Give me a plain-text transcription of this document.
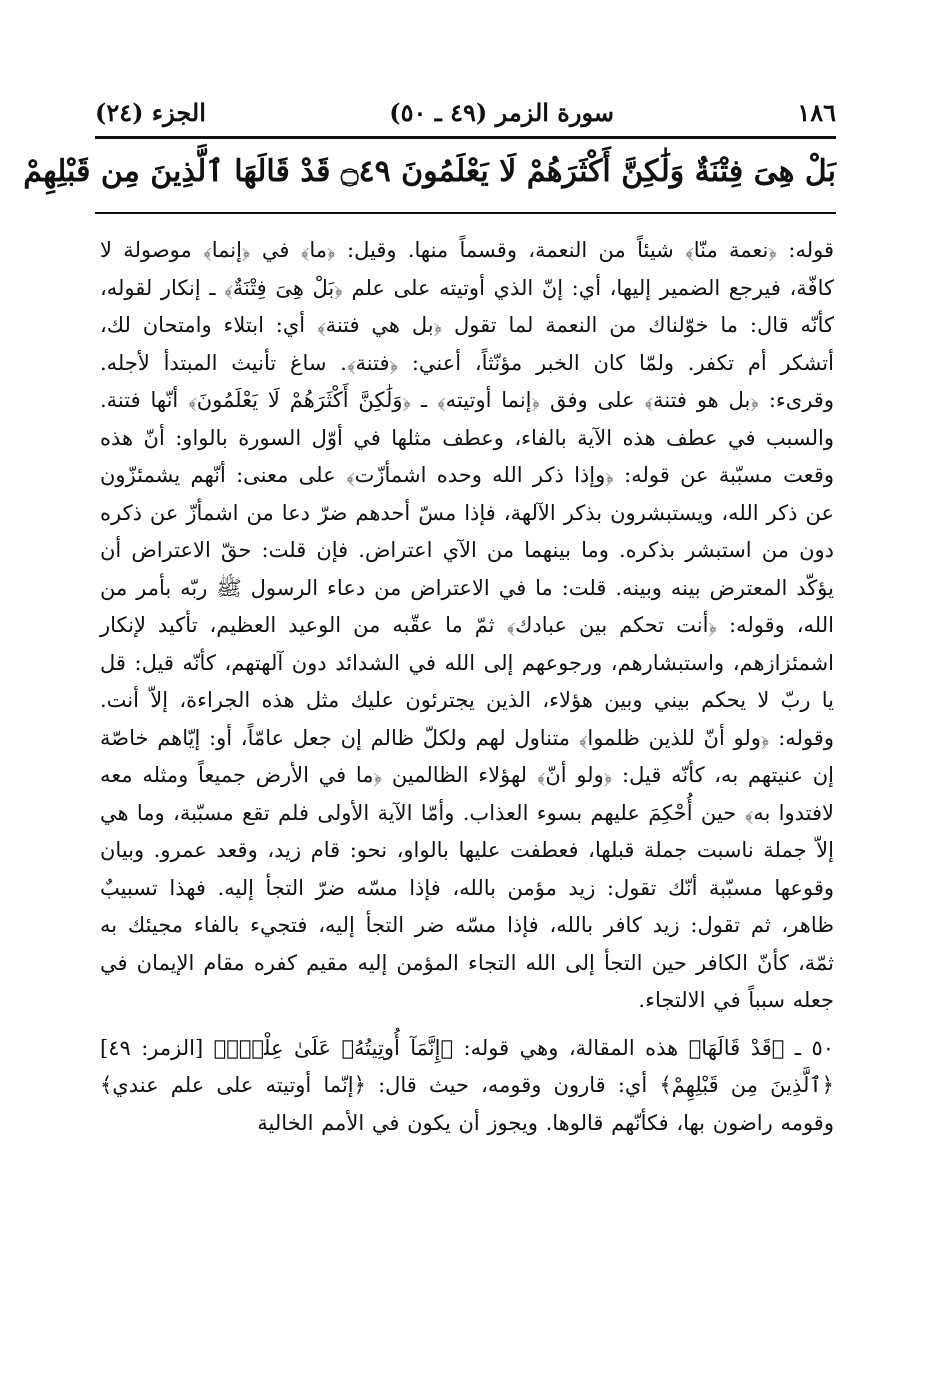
١٨٦
سورة الزمر (٤٩ ـ ٥٠)
الجزء (٢٤)
بَلْ هِىَ فِتْنَةٌ وَلَٰكِنَّ أَكْثَرَهُمْ لَا يَعْلَمُونَ ۝٤٩ قَدْ قَالَهَا ٱلَّذِينَ مِن قَبْلِهِمْ

قوله: ﴿نعمة منّا﴾ شيئاً من النعمة، وقسماً منها. وقيل: ﴿ما﴾ في ﴿إنما﴾ موصولة لا كافّة، فيرجع الضمير إليها، أي: إنّ الذي أوتيته على علم ﴿بَلْ هِىَ فِتْنَةٌ﴾ ـ إنكار لقوله، كأنّه قال: ما خوّلناك من النعمة لما تقول ﴿بل هي فتنة﴾ أي: ابتلاء وامتحان لك، أتشكر أم تكفر. ولمّا كان الخبر مؤنّثاً، أعني: ﴿فتنة﴾. ساغ تأنيث المبتدأ لأجله. وقرىء: ﴿بل هو فتنة﴾ على وفق ﴿إنما أوتيته﴾ ـ ﴿وَلَٰكِنَّ أَكْثَرَهُمْ لَا يَعْلَمُونَ﴾ أنّها فتنة. والسبب في عطف هذه الآية بالفاء، وعطف مثلها في أوّل السورة بالواو: أنّ هذه وقعت مسبّبة عن قوله: ﴿وإذا ذكر الله وحده اشمأزّت﴾ على معنى: أنّهم يشمئزّون عن ذكر الله، ويستبشرون بذكر الآلهة، فإذا مسّ أحدهم ضرّ دعا من اشمأزّ عن ذكره دون من استبشر بذكره. وما بينهما من الآي اعتراض. فإن قلت: حقّ الاعتراض أن يؤكّد المعترض بينه وبينه. قلت: ما في الاعتراض من دعاء الرسول ﷺ ربّه بأمر من الله، وقوله: ﴿أنت تحكم بين عبادك﴾ ثمّ ما عقّبه من الوعيد العظيم، تأكيد لإنكار اشمئزازهم، واستبشارهم، ورجوعهم إلى الله في الشدائد دون آلهتهم، كأنّه قيل: قل يا ربّ لا يحكم بيني وبين هؤلاء، الذين يجترئون عليك مثل هذه الجراءة، إلاّ أنت. وقوله: ﴿ولو أنّ للذين ظلموا﴾ متناول لهم ولكلّ ظالم إن جعل عامّاً، أو: إيّاهم خاصّة إن عنيتهم به، كأنّه قيل: ﴿ولو أنّ﴾ لهؤلاء الظالمين ﴿ما في الأرض جميعاً ومثله معه لافتدوا به﴾ حين أُحْكِمَ عليهم بسوء العذاب. وأمّا الآية الأولى فلم تقع مسبّبة، وما هي إلاّ جملة ناسبت جملة قبلها، فعطفت عليها بالواو، نحو: قام زيد، وقعد عمرو. وبيان وقوعها مسبّبة أنّك تقول: زيد مؤمن بالله، فإذا مسّه ضرّ التجأ إليه. فهذا تسبيبٌ ظاهر، ثم تقول: زيد كافر بالله، فإذا مسّه ضر التجأ إليه، فتجيء بالفاء مجيئك به ثمّة، كأنّ الكافر حين التجأ إلى الله التجاء المؤمن إليه مقيم كفره مقام الإيمان في جعله سبباً في الالتجاء.

٥٠ ـ ﴿قَدْ قَالَهَا﴾ هذه المقالة، وهي قوله: ﴿إِنَّمَآ أُوتِيتُهُۥ عَلَىٰ عِلْمٍۭ﴾ [الزمر: ٤٩] ﴿ٱلَّذِينَ مِن قَبْلِهِمْ﴾ أي: قارون وقومه، حيث قال: ﴿إنّما أوتيته على علم عندي﴾ وقومه راضون بها، فكأنّهم قالوها. ويجوز أن يكون في الأمم الخالية
